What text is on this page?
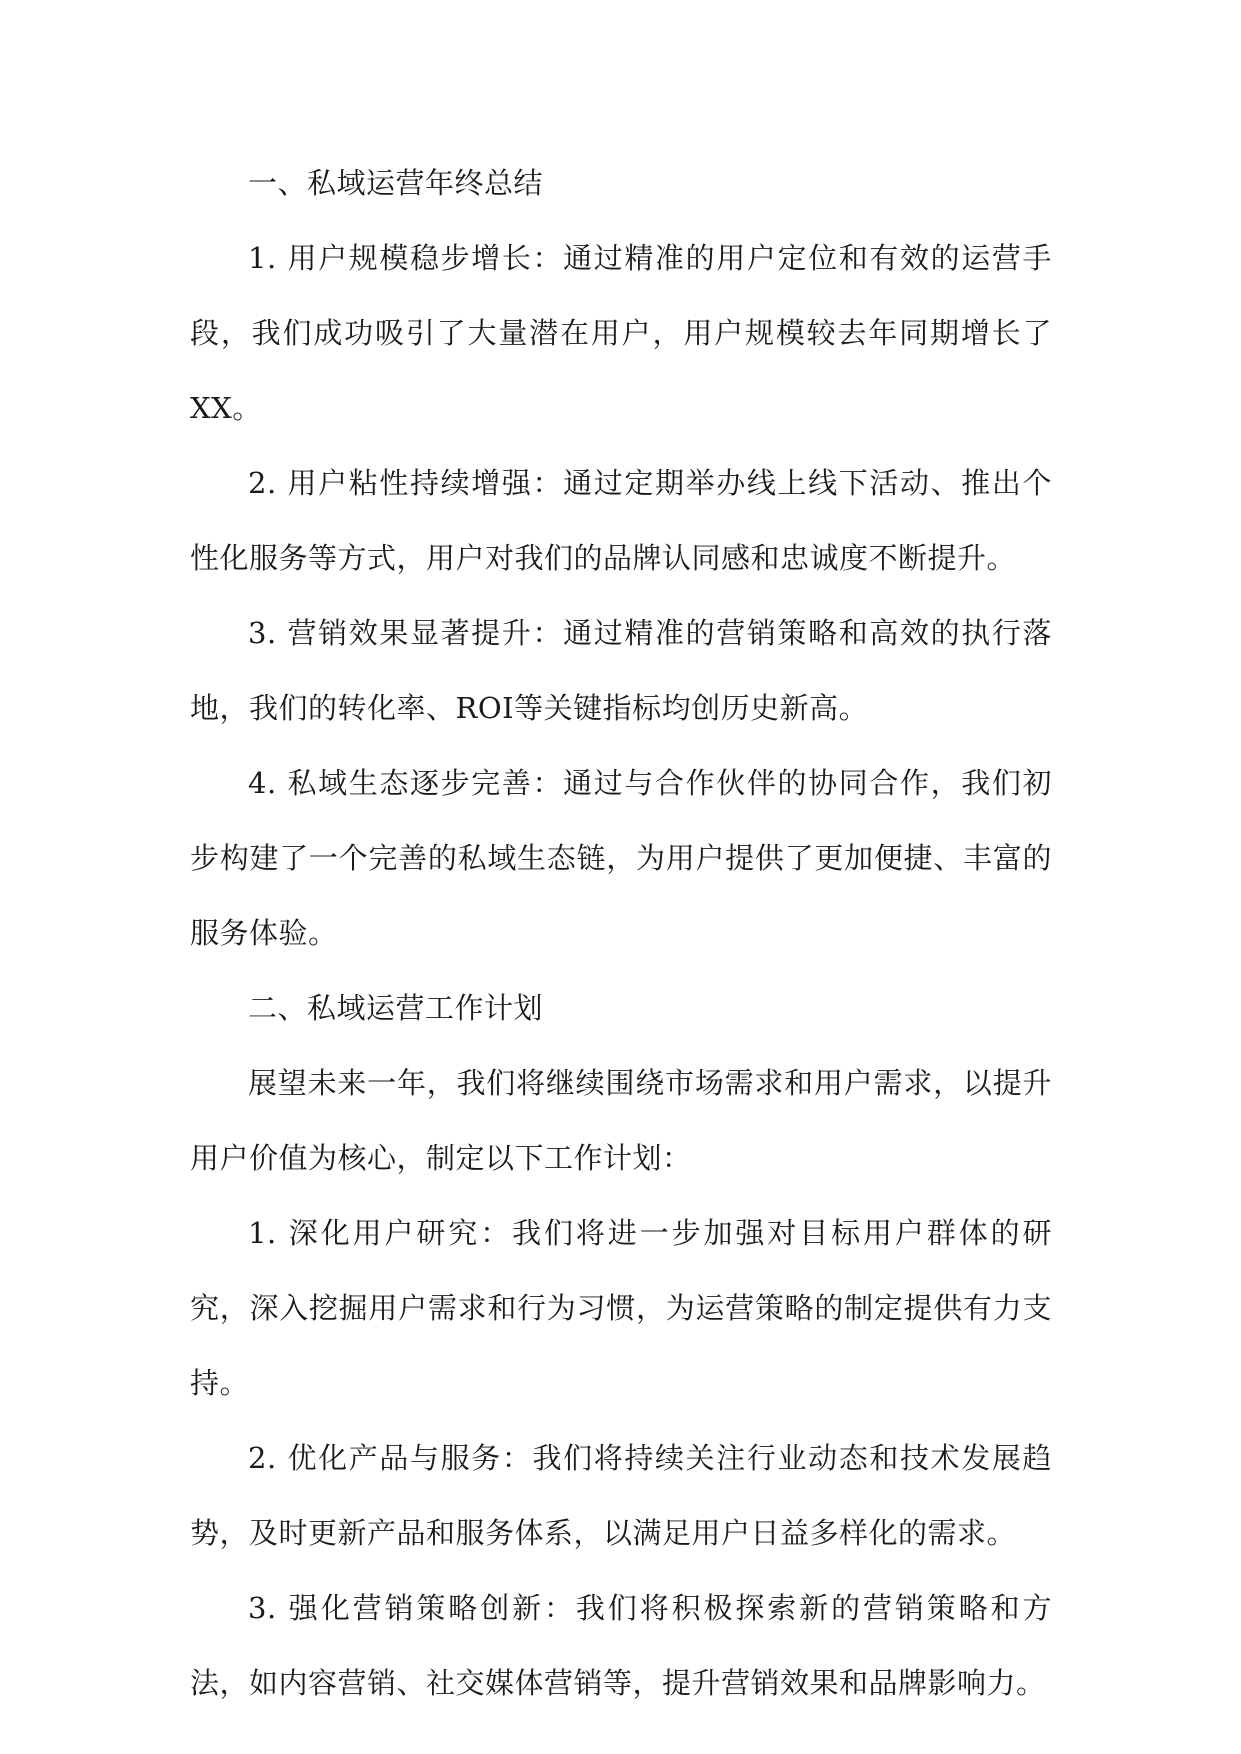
一、私域运营年终总结

1. 用户规模稳步增长：通过精准的用户定位和有效的运营手段，我们成功吸引了大量潜在用户，用户规模较去年同期增长了XX。

2. 用户粘性持续增强：通过定期举办线上线下活动、推出个性化服务等方式，用户对我们的品牌认同感和忠诚度不断提升。

3. 营销效果显著提升：通过精准的营销策略和高效的执行落地，我们的转化率、ROI等关键指标均创历史新高。

4. 私域生态逐步完善：通过与合作伙伴的协同合作，我们初步构建了一个完善的私域生态链，为用户提供了更加便捷、丰富的服务体验。

二、私域运营工作计划

展望未来一年，我们将继续围绕市场需求和用户需求，以提升用户价值为核心，制定以下工作计划：

1. 深化用户研究：我们将进一步加强对目标用户群体的研究，深入挖掘用户需求和行为习惯，为运营策略的制定提供有力支持。

2. 优化产品与服务：我们将持续关注行业动态和技术发展趋势，及时更新产品和服务体系，以满足用户日益多样化的需求。

3. 强化营销策略创新：我们将积极探索新的营销策略和方法，如内容营销、社交媒体营销等，提升营销效果和品牌影响力。
